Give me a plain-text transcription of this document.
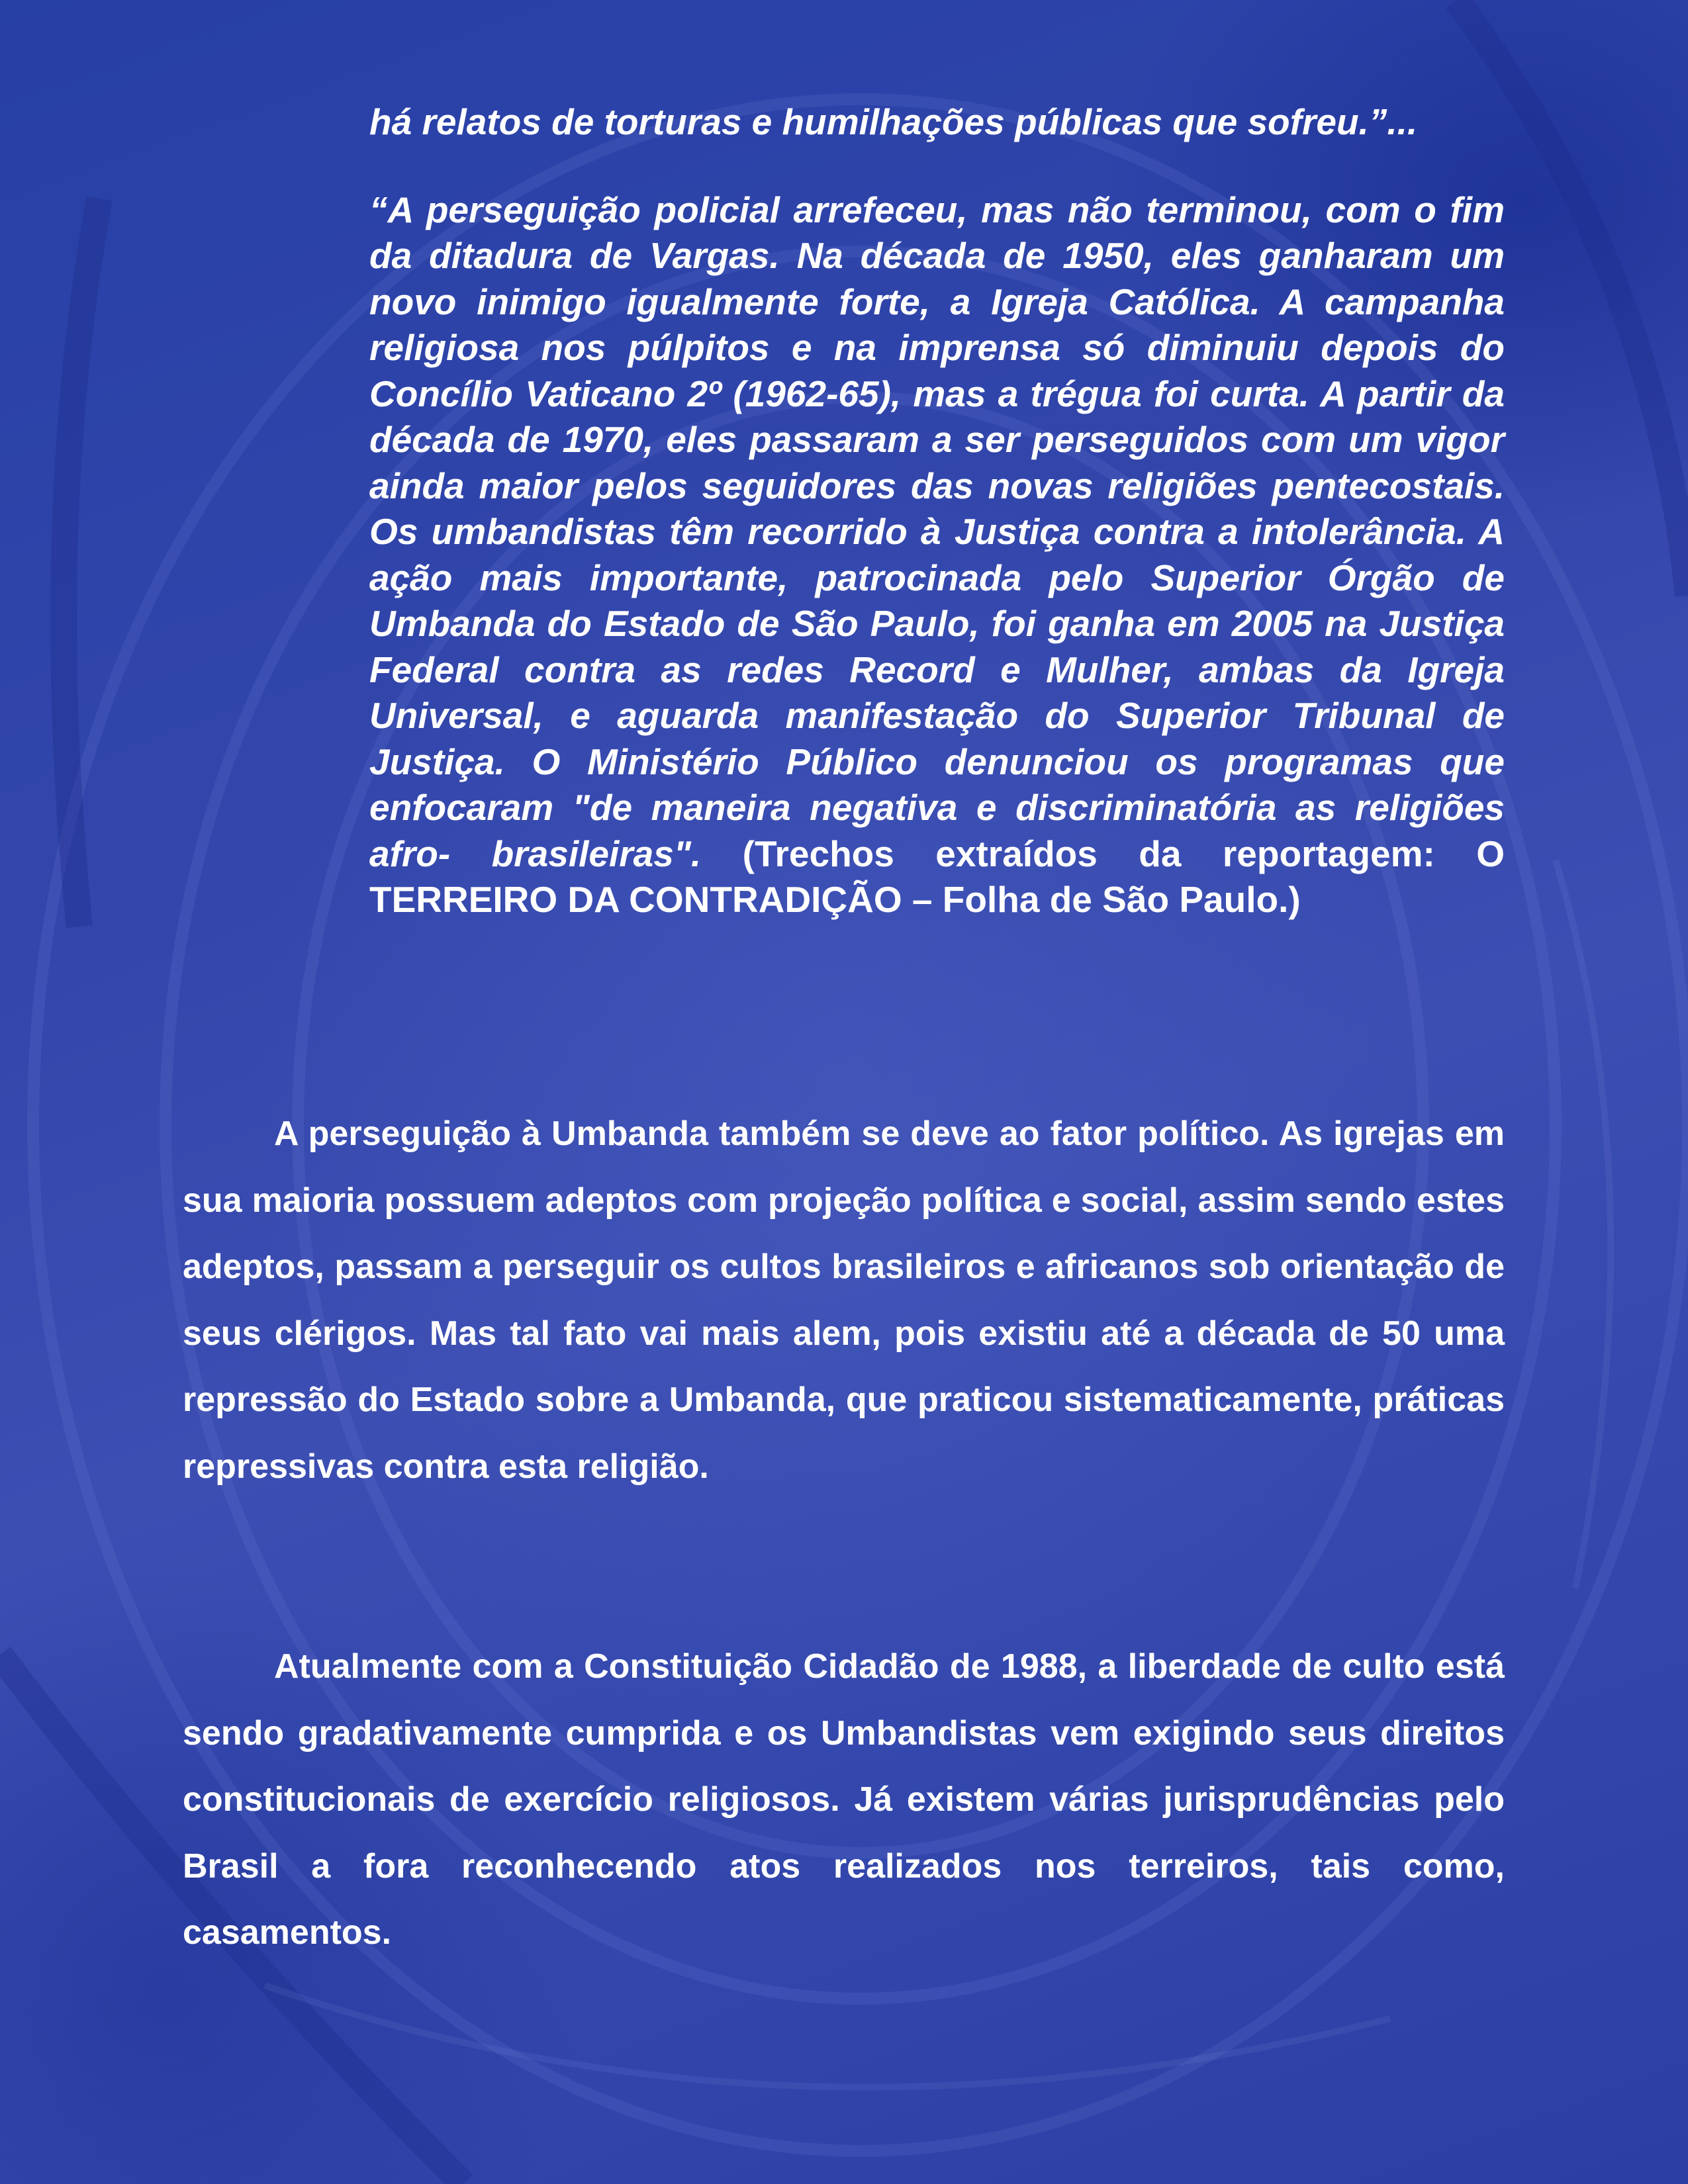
há relatos de torturas e humilhações públicas que sofreu.”...

“A perseguição policial arrefeceu, mas não terminou, com o fim da ditadura de Vargas. Na década de 1950, eles ganharam um novo inimigo igualmente forte, a Igreja Católica. A campanha religiosa nos púlpitos e na imprensa só diminuiu depois do Concílio Vaticano 2º (1962-65), mas a trégua foi curta. A partir da década de 1970, eles passaram a ser perseguidos com um vigor ainda maior pelos seguidores das novas religiões pentecostais. Os umbandistas têm recorrido à Justiça contra a intolerância. A ação mais importante, patrocinada pelo Superior Órgão de Umbanda do Estado de São Paulo, foi ganha em 2005 na Justiça Federal contra as redes Record e Mulher, ambas da Igreja Universal, e aguarda manifestação do Superior Tribunal de Justiça. O Ministério Público denunciou os programas que enfocaram "de maneira negativa e discriminatória as religiões afro- brasileiras". (Trechos extraídos da reportagem: O TERREIRO DA CONTRADIÇÃO – Folha de São Paulo.)

A perseguição à Umbanda também se deve ao fator político. As igrejas em sua maioria possuem adeptos com projeção política e social, assim sendo estes adeptos, passam a perseguir os cultos brasileiros e africanos sob orientação de seus clérigos. Mas tal fato vai mais alem, pois existiu até a década de 50 uma repressão do Estado sobre a Umbanda, que praticou sistematicamente, práticas repressivas contra esta religião.

Atualmente com a Constituição Cidadão de 1988, a liberdade de culto está sendo gradativamente cumprida e os Umbandistas vem exigindo seus direitos constitucionais de exercício religiosos. Já existem várias jurisprudências pelo Brasil a fora reconhecendo atos realizados nos terreiros, tais como, casamentos.
